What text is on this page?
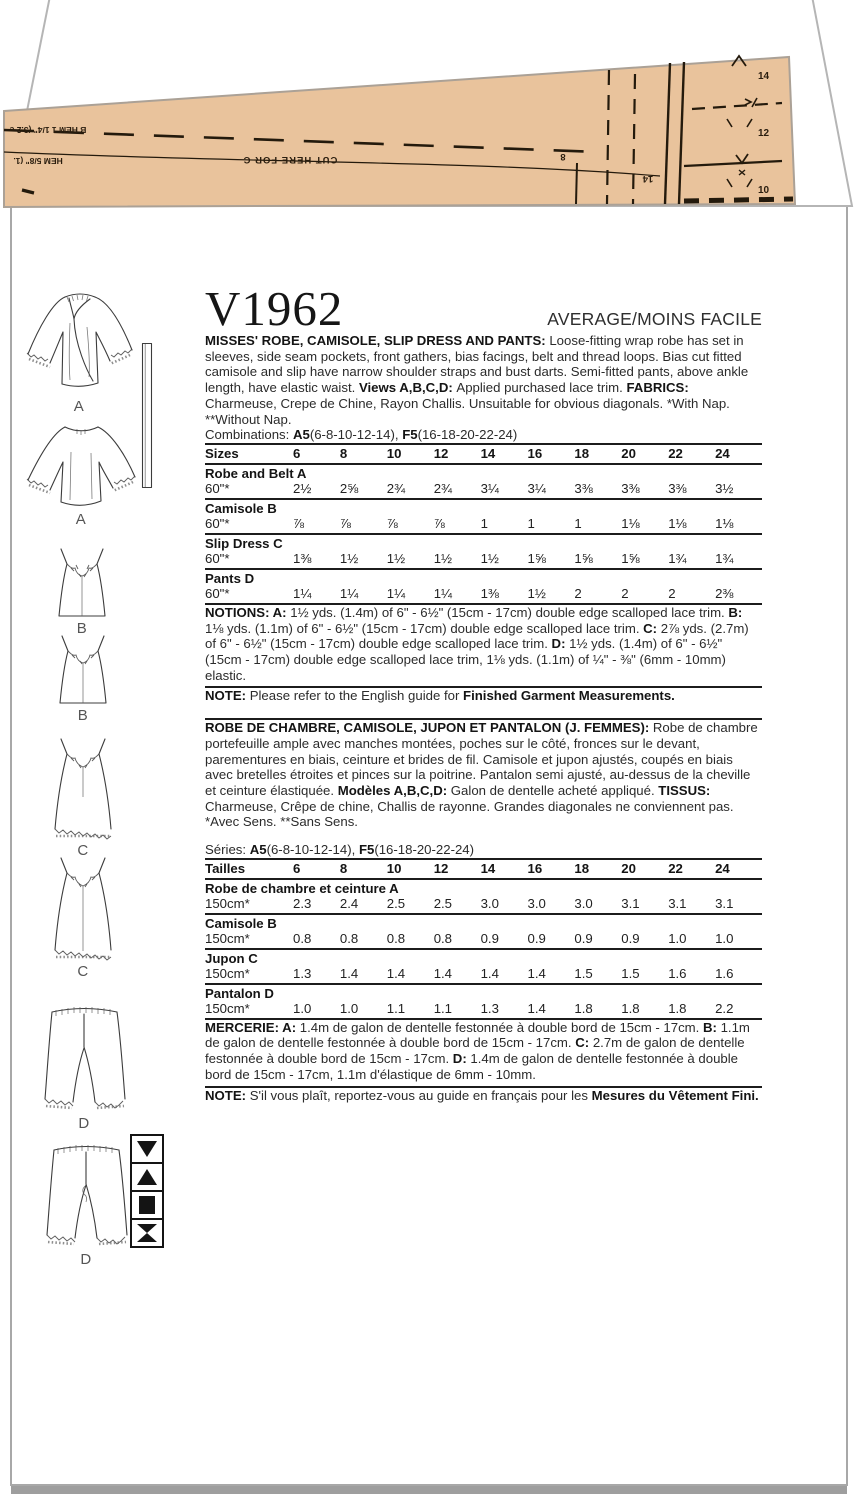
B HEM 1 1/4" (3.2 c
HEM 5/8" (1.	CUT HERE FOR C	8
14
14
12
10
A
A
B
B
C
C
D
D
V1962	AVERAGE/MOINS FACILE

MISSES' ROBE, CAMISOLE, SLIP DRESS AND PANTS: Loose-fitting wrap robe has set in sleeves, side seam pockets, front gathers, bias facings, belt and thread loops. Bias cut fitted camisole and slip have narrow shoulder straps and bust darts. Semi-fitted pants, above ankle length, have elastic waist. Views A,B,C,D: Applied purchased lace trim. FABRICS: Charmeuse, Crepe de Chine, Rayon Challis. Unsuitable for obvious diagonals. *With Nap. **Without Nap.

Combinations: A5(6-8-10-12-14), F5(16-18-20-22-24)

Sizes	6	8	10	12	14	16	18	20	22	24
Robe and Belt A
60"*	2½	2⅝	2¾	2¾	3¼	3¼	3⅜	3⅜	3⅜	3½
Camisole B
60"*	⅞	⅞	⅞	⅞	1	1	1	1⅛	1⅛	1⅛
Slip Dress C
60"*	1⅜	1½	1½	1½	1½	1⅝	1⅝	1⅝	1¾	1¾
Pants D
60"*	1¼	1¼	1¼	1¼	1⅜	1½	2	2	2	2⅜

NOTIONS: A: 1½ yds. (1.4m) of 6" - 6½" (15cm - 17cm) double edge scalloped lace trim. B: 1⅛ yds. (1.1m) of 6" - 6½" (15cm - 17cm) double edge scalloped lace trim. C: 2⅞ yds. (2.7m) of 6" - 6½" (15cm - 17cm) double edge scalloped lace trim. D: 1½ yds. (1.4m) of 6" - 6½" (15cm - 17cm) double edge scalloped lace trim, 1⅛ yds. (1.1m) of ¼" - ⅜" (6mm - 10mm) elastic.

NOTE: Please refer to the English guide for Finished Garment Measurements.

ROBE DE CHAMBRE, CAMISOLE, JUPON ET PANTALON (J. FEMMES): Robe de chambre portefeuille ample avec manches montées, poches sur le côté, fronces sur le devant, parementures en biais, ceinture et brides de fil. Camisole et jupon ajustés, coupés en biais avec bretelles étroites et pinces sur la poitrine. Pantalon semi ajusté, au-dessus de la cheville et ceinture élastiquée. Modèles A,B,C,D: Galon de dentelle acheté appliqué. TISSUS: Charmeuse, Crêpe de chine, Challis de rayonne. Grandes diagonales ne conviennent pas. *Avec Sens. **Sans Sens.

Séries: A5(6-8-10-12-14), F5(16-18-20-22-24)

Tailles	6	8	10	12	14	16	18	20	22	24
Robe de chambre et ceinture A
150cm*	2.3	2.4	2.5	2.5	3.0	3.0	3.0	3.1	3.1	3.1
Camisole B
150cm*	0.8	0.8	0.8	0.8	0.9	0.9	0.9	0.9	1.0	1.0
Jupon C
150cm*	1.3	1.4	1.4	1.4	1.4	1.4	1.5	1.5	1.6	1.6
Pantalon D
150cm*	1.0	1.0	1.1	1.1	1.3	1.4	1.8	1.8	1.8	2.2

MERCERIE: A: 1.4m de galon de dentelle festonnée à double bord de 15cm - 17cm. B: 1.1m de galon de dentelle festonnée à double bord de 15cm - 17cm. C: 2.7m de galon de dentelle festonnée à double bord de 15cm - 17cm. D: 1.4m de galon de dentelle festonnée à double bord de 15cm - 17cm, 1.1m d'élastique de 6mm - 10mm.

NOTE: S'il vous plaît, reportez-vous au guide en français pour les Mesures du Vêtement Fini.
